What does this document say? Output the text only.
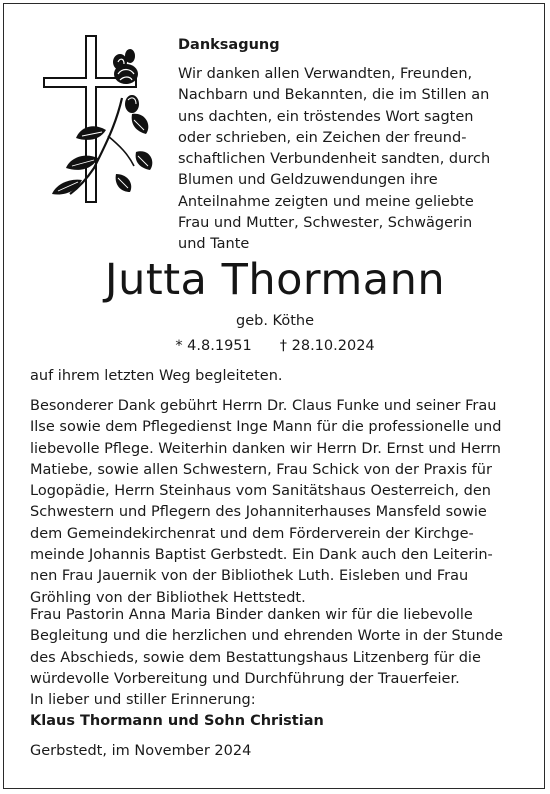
Danksagung
Wir danken allen Verwandten, Freunden,
Nachbarn und Bekannten, die im Stillen an
uns dachten, ein tröstendes Wort sagten
oder schrieben, ein Zeichen der freund-
schaftlichen Verbundenheit sandten, durch
Blumen und Geldzuwendungen ihre
Anteilnahme zeigten und meine geliebte
Frau und Mutter, Schwester, Schwägerin
und Tante
Jutta Thormann
geb. Köthe
* 4.8.1951 † 28.10.2024
auf ihrem letzten Weg begleiteten.
Besonderer Dank gebührt Herrn Dr. Claus Funke und seiner Frau
Ilse sowie dem Pflegedienst Inge Mann für die professionelle und
liebevolle Pflege. Weiterhin danken wir Herrn Dr. Ernst und Herrn
Matiebe, sowie allen Schwestern, Frau Schick von der Praxis für
Logopädie, Herrn Steinhaus vom Sanitätshaus Oesterreich, den
Schwestern und Pflegern des Johanniterhauses Mansfeld sowie
dem Gemeindekirchenrat und dem Förderverein der Kirchge-
meinde Johannis Baptist Gerbstedt. Ein Dank auch den Leiterin-
nen Frau Jauernik von der Bibliothek Luth. Eisleben und Frau
Gröhling von der Bibliothek Hettstedt.
Frau Pastorin Anna Maria Binder danken wir für die liebevolle
Begleitung und die herzlichen und ehrenden Worte in der Stunde
des Abschieds, sowie dem Bestattungshaus Litzenberg für die
würdevolle Vorbereitung und Durchführung der Trauerfeier.
In lieber und stiller Erinnerung:
Klaus Thormann und Sohn Christian
Gerbstedt, im November 2024
